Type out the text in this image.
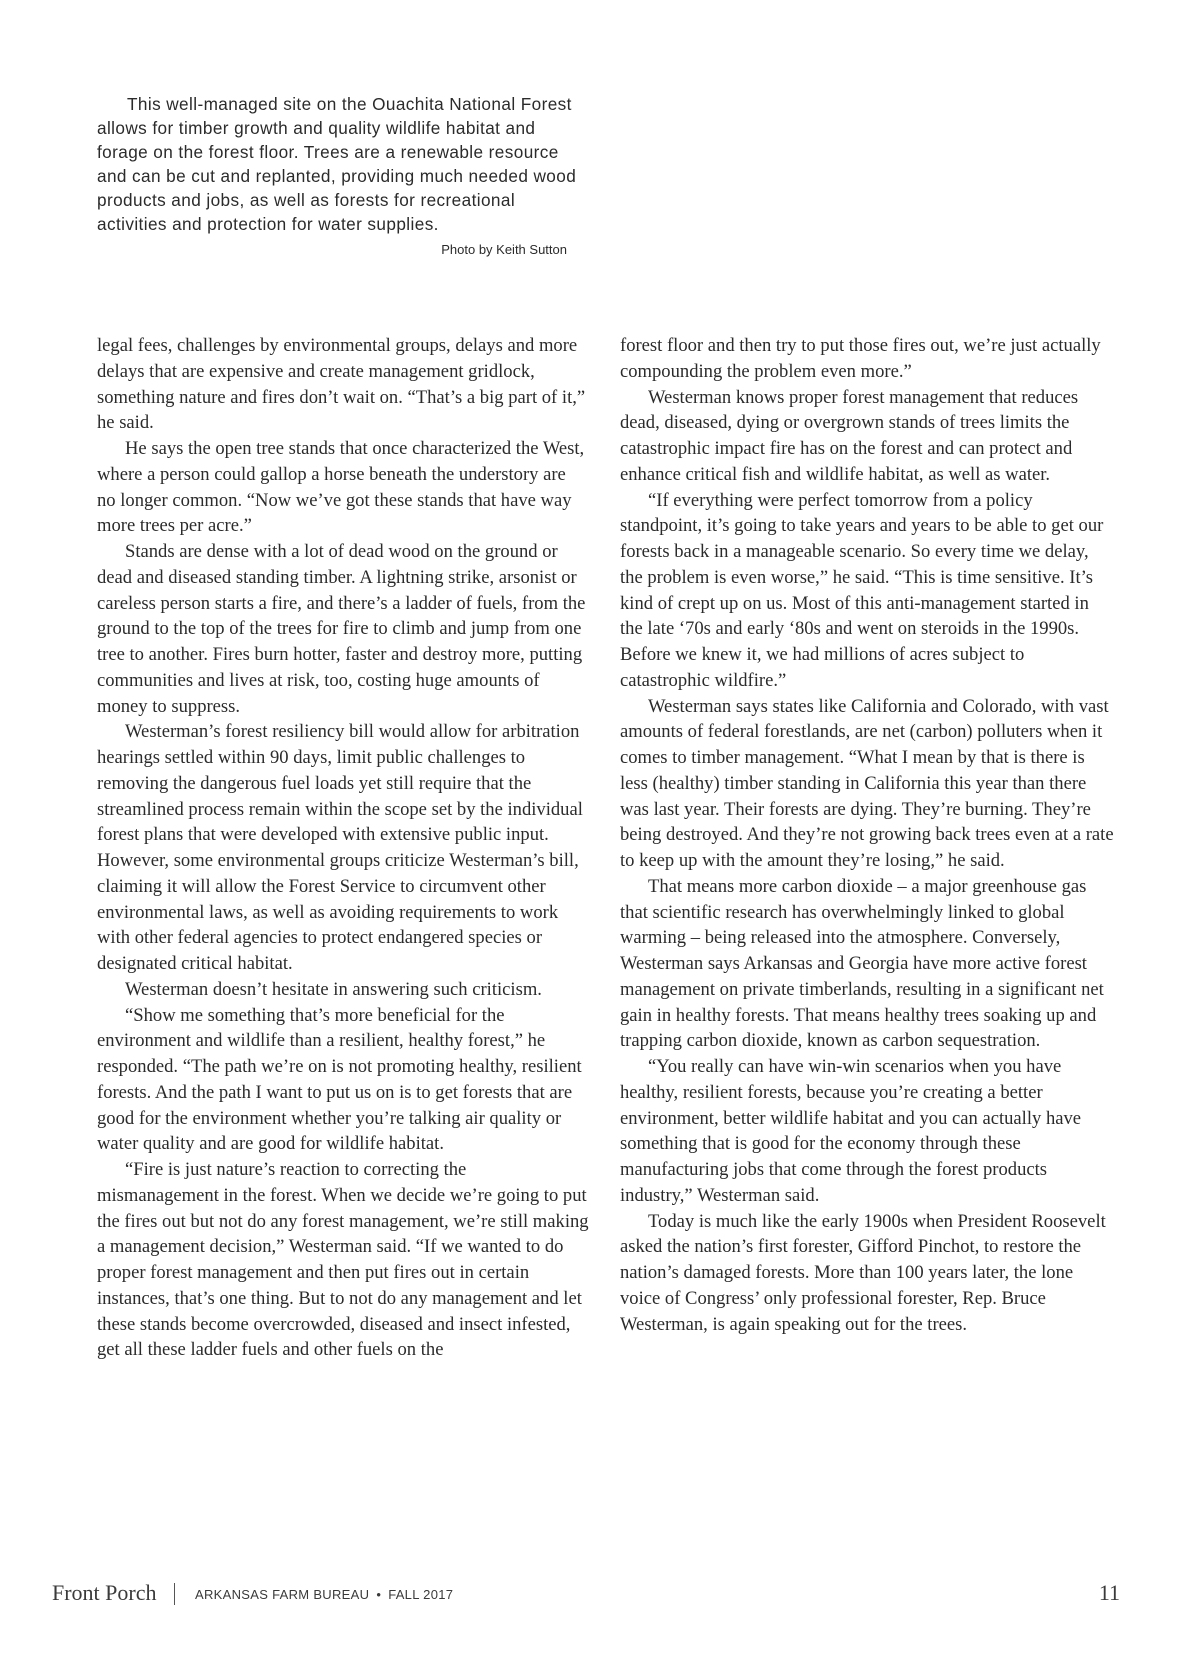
This well-managed site on the Ouachita National Forest allows for timber growth and quality wildlife habitat and forage on the forest floor. Trees are a renewable resource and can be cut and replanted, providing much needed wood products and jobs, as well as forests for recreational activities and protection for water supplies.
Photo by Keith Sutton

legal fees, challenges by environmental groups, delays and more delays that are expensive and create management gridlock, something nature and fires don’t wait on. “That’s a big part of it,” he said.

He says the open tree stands that once characterized the West, where a person could gallop a horse beneath the understory are no longer common. “Now we’ve got these stands that have way more trees per acre.”

Stands are dense with a lot of dead wood on the ground or dead and diseased standing timber. A lightning strike, arsonist or careless person starts a fire, and there’s a ladder of fuels, from the ground to the top of the trees for fire to climb and jump from one tree to another. Fires burn hotter, faster and destroy more, putting communities and lives at risk, too, costing huge amounts of money to suppress.

Westerman’s forest resiliency bill would allow for arbitration hearings settled within 90 days, limit public challenges to removing the dangerous fuel loads yet still require that the streamlined process remain within the scope set by the individual forest plans that were developed with extensive public input. However, some environmental groups criticize Westerman’s bill, claiming it will allow the Forest Service to circumvent other environmental laws, as well as avoiding requirements to work with other federal agencies to protect endangered species or designated critical habitat.

Westerman doesn’t hesitate in answering such criticism.

“Show me something that’s more beneficial for the environment and wildlife than a resilient, healthy forest,” he responded. “The path we’re on is not promoting healthy, resilient forests. And the path I want to put us on is to get forests that are good for the environment whether you’re talking air quality or water quality and are good for wildlife habitat.

“Fire is just nature’s reaction to correcting the mismanagement in the forest. When we decide we’re going to put the fires out but not do any forest management, we’re still making a management decision,” Westerman said. “If we wanted to do proper forest management and then put fires out in certain instances, that’s one thing. But to not do any management and let these stands become overcrowded, diseased and insect infested, get all these ladder fuels and other fuels on the

forest floor and then try to put those fires out, we’re just actually compounding the problem even more.”

Westerman knows proper forest management that reduces dead, diseased, dying or overgrown stands of trees limits the catastrophic impact fire has on the forest and can protect and enhance critical fish and wildlife habitat, as well as water.

“If everything were perfect tomorrow from a policy standpoint, it’s going to take years and years to be able to get our forests back in a manageable scenario. So every time we delay, the problem is even worse,” he said. “This is time sensitive. It’s kind of crept up on us. Most of this anti-management started in the late ‘70s and early ‘80s and went on steroids in the 1990s. Before we knew it, we had millions of acres subject to catastrophic wildfire.”

Westerman says states like California and Colorado, with vast amounts of federal forestlands, are net (carbon) polluters when it comes to timber management. “What I mean by that is there is less (healthy) timber standing in California this year than there was last year. Their forests are dying. They’re burning. They’re being destroyed. And they’re not growing back trees even at a rate to keep up with the amount they’re losing,” he said.

That means more carbon dioxide – a major greenhouse gas that scientific research has overwhelmingly linked to global warming – being released into the atmosphere. Conversely, Westerman says Arkansas and Georgia have more active forest management on private timberlands, resulting in a significant net gain in healthy forests. That means healthy trees soaking up and trapping carbon dioxide, known as carbon sequestration.

“You really can have win-win scenarios when you have healthy, resilient forests, because you’re creating a better environment, better wildlife habitat and you can actually have something that is good for the economy through these manufacturing jobs that come through the forest products industry,” Westerman said.

Today is much like the early 1900s when President Roosevelt asked the nation’s first forester, Gifford Pinchot, to restore the nation’s damaged forests. More than 100 years later, the lone voice of Congress’ only professional forester, Rep. Bruce Westerman, is again speaking out for the trees.

Front Porch	ARKANSAS FARM BUREAU • FALL 2017	11
